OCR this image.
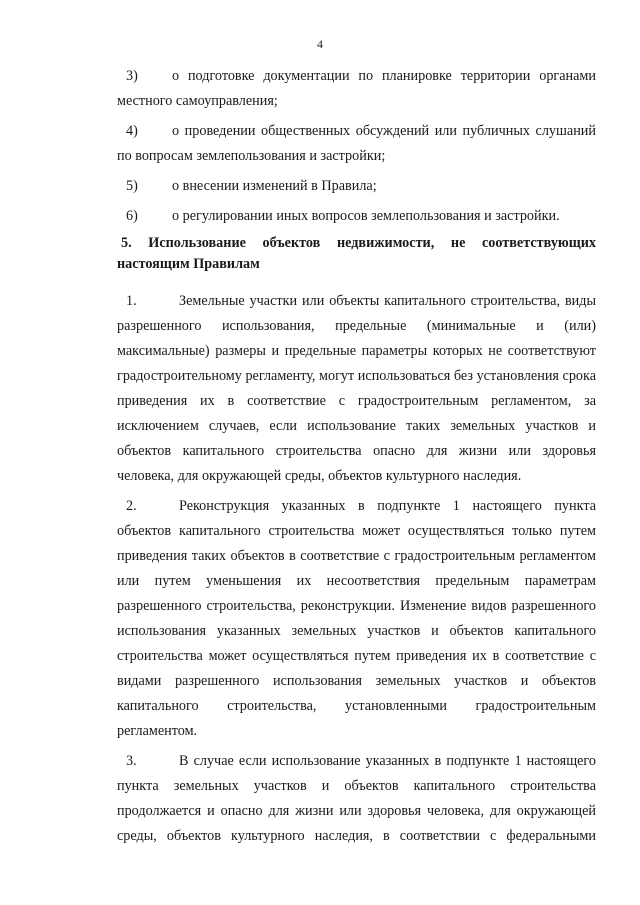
4

3) о подготовке документации по планировке территории органами местного самоуправления;

4) о проведении общественных обсуждений или публичных слушаний по вопросам землепользования и застройки;

5) о внесении изменений в Правила;

6) о регулировании иных вопросов землепользования и застройки.

5. Использование объектов недвижимости, не соответствующих настоящим Правилам

1.	Земельные участки или объекты капитального строительства, виды разрешенного использования, предельные (минимальные и (или) максимальные) размеры и предельные параметры которых не соответствуют градостроительному регламенту, могут использоваться без установления срока приведения их в соответствие с градостроительным регламентом, за исключением случаев, если использование таких земельных участков и объектов капитального строительства опасно для жизни или здоровья человека, для окружающей среды, объектов культурного наследия.

2.	Реконструкция указанных в подпункте 1 настоящего пункта объектов капитального строительства может осуществляться только путем приведения таких объектов в соответствие с градостроительным регламентом или путем уменьшения их несоответствия предельным параметрам разрешенного строительства, реконструкции. Изменение видов разрешенного использования указанных земельных участков и объектов капитального строительства может осуществляться путем приведения их в соответствие с видами разрешенного использования земельных участков и объектов капитального строительства, установленными градостроительным регламентом.

3.	В случае если использование указанных в подпункте 1 настоящего пункта земельных участков и объектов капитального строительства продолжается и опасно для жизни или здоровья человека, для окружающей среды, объектов культурного наследия, в соответствии с федеральными
